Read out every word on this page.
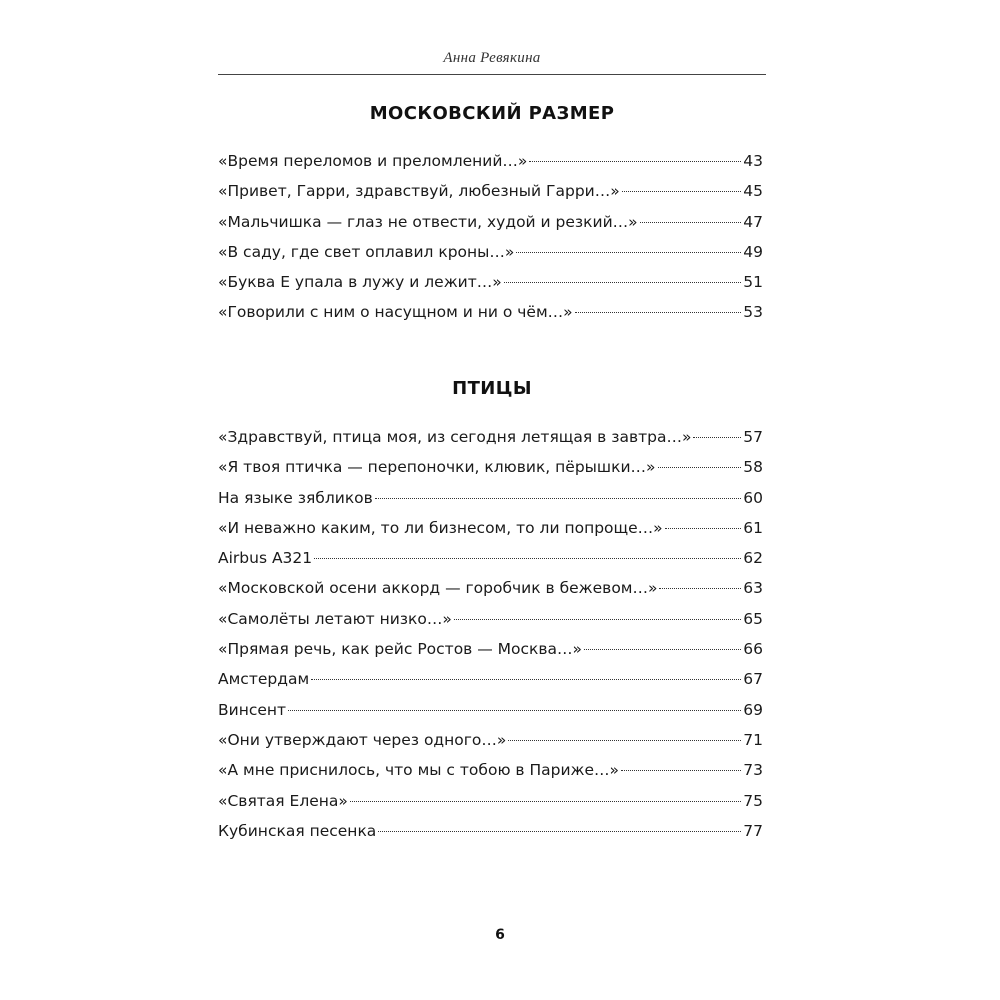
Анна Ревякина
МОСКОВСКИЙ РАЗМЕР
«Время переломов и преломлений…»	43
«Привет, Гарри, здравствуй, любезный Гарри…»	45
«Мальчишка — глаз не отвести, худой и резкий…»	47
«В саду, где свет оплавил кроны…»	49
«Буква Е упала в лужу и лежит…»	51
«Говорили с ним о насущном и ни о чём…»	53
ПТИЦЫ
«Здравствуй, птица моя, из сегодня летящая в завтра…»	57
«Я твоя птичка — перепоночки, клювик, пёрышки…»	58
На языке зябликов	60
«И неважно каким, то ли бизнесом, то ли попроще…»	61
Airbus A321	62
«Московской осени аккорд — горобчик в бежевом…»	63
«Самолёты летают низко…»	65
«Прямая речь, как рейс Ростов — Москва…»	66
Амстердам	67
Винсент	69
«Они утверждают через одного…»	71
«А мне приснилось, что мы с тобою в Париже…»	73
«Святая Елена»	75
Кубинская песенка	77
6
